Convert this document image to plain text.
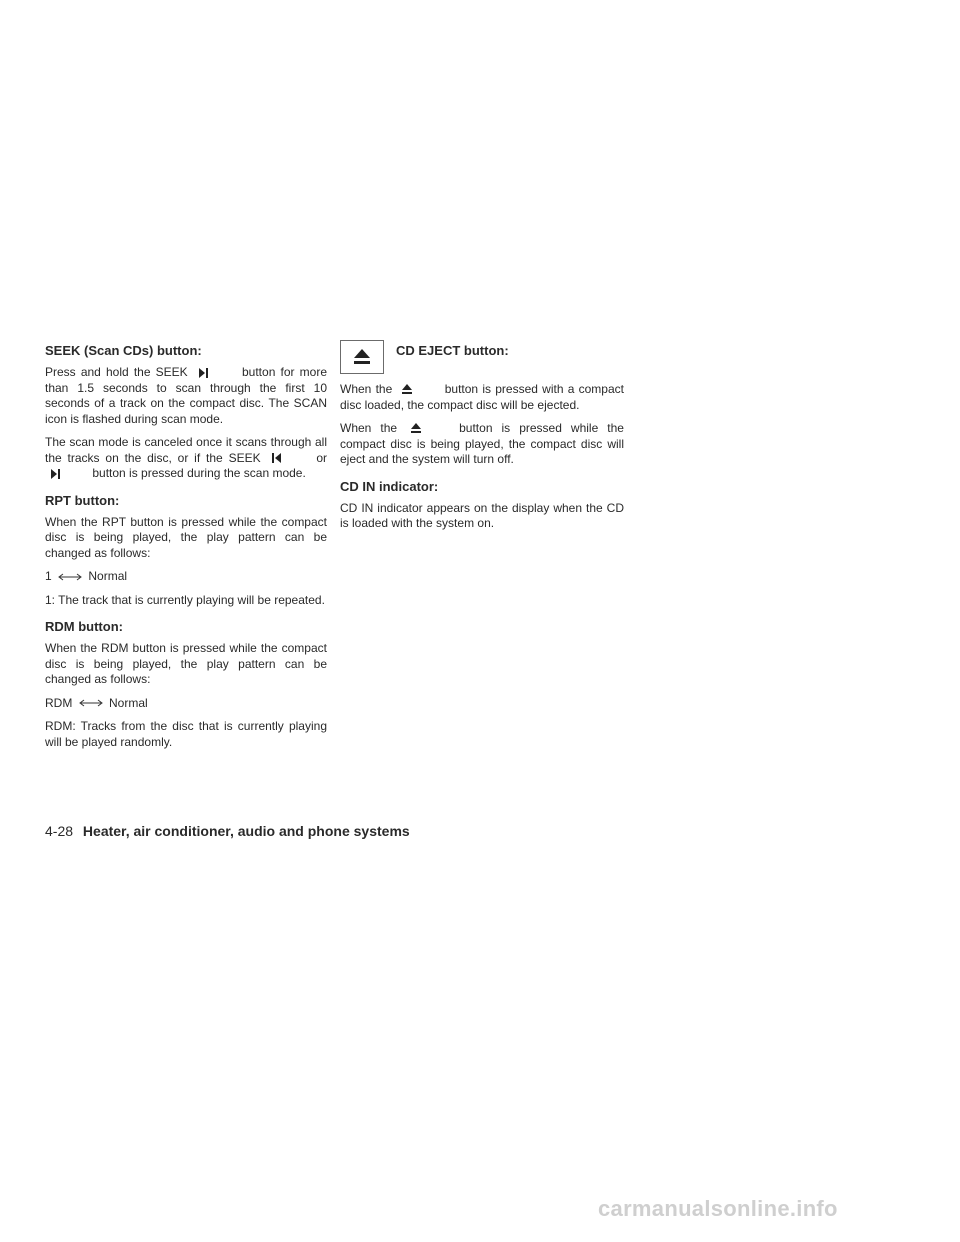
SEEK (Scan CDs) button:

Press and hold the SEEK	button for more than 1.5 seconds to scan through the first 10 seconds of a track on the compact disc. The SCAN icon is flashed during scan mode.

The scan mode is canceled once it scans through all the tracks on the disc, or if the SEEK	or  button is pressed during the scan mode.

RPT button:

When the RPT button is pressed while the compact disc is being played, the play pattern can be changed as follows:

1	Normal

1: The track that is currently playing will be repeated.

RDM button:

When the RDM button is pressed while the compact disc is being played, the play pattern can be changed as follows:

RDM	Normal

RDM: Tracks from the disc that is currently playing will be played randomly.

CD EJECT button:

When the	button is pressed with a compact disc loaded, the compact disc will be ejected.

When the	button is pressed while the compact disc is being played, the compact disc will eject and the system will turn off.

CD IN indicator:

CD IN indicator appears on the display when the CD is loaded with the system on.

4-28 Heater, air conditioner, audio and phone systems
carmanualsonline.info
